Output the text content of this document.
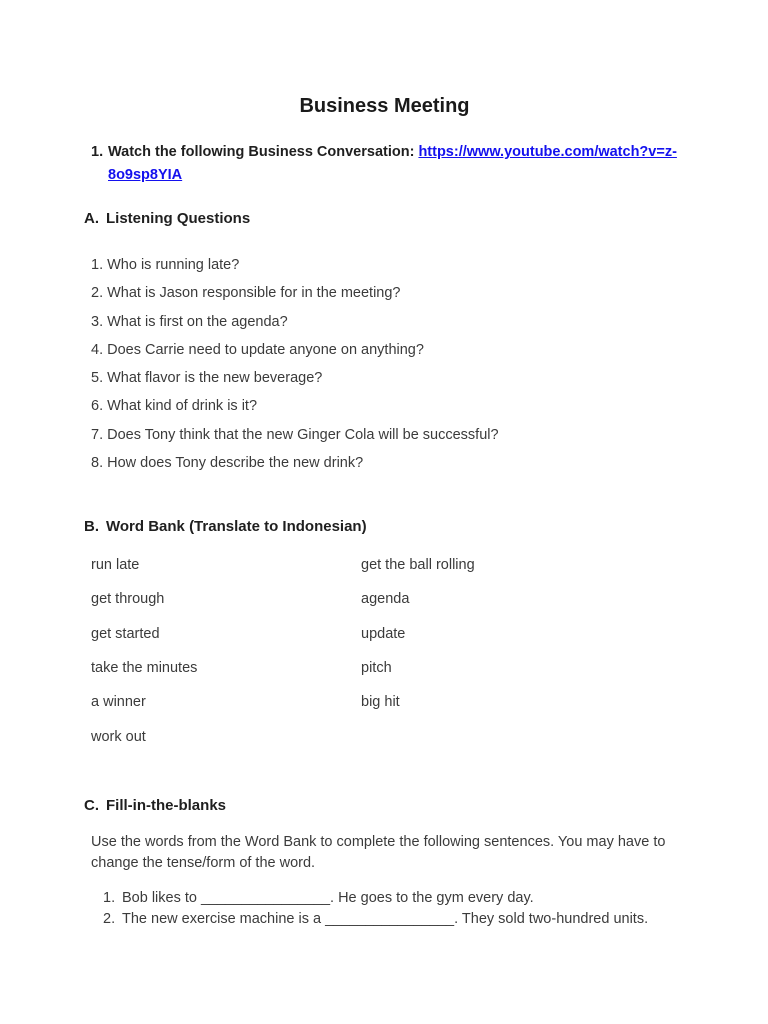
Business Meeting
1. Watch the following Business Conversation: https://www.youtube.com/watch?v=z-
8o9sp8YIA
A. Listening Questions

1. Who is running late?

2. What is Jason responsible for in the meeting?

3. What is first on the agenda?

4. Does Carrie need to update anyone on anything?

5. What flavor is the new beverage?

6. What kind of drink is it?

7. Does Tony think that the new Ginger Cola will be successful?

8. How does Tony describe the new drink?

B. Word Bank (Translate to Indonesian)
run late	get the ball rolling
get through	agenda
get started	update
take the minutes	pitch
a winner	big hit
work out
C. Fill-in-the-blanks

Use the words from the Word Bank to complete the following sentences. You may have to
change the tense/form of the word.

1. Bob likes to ________________. He goes to the gym every day.
2. The new exercise machine is a ________________. They sold two-hundred units.
